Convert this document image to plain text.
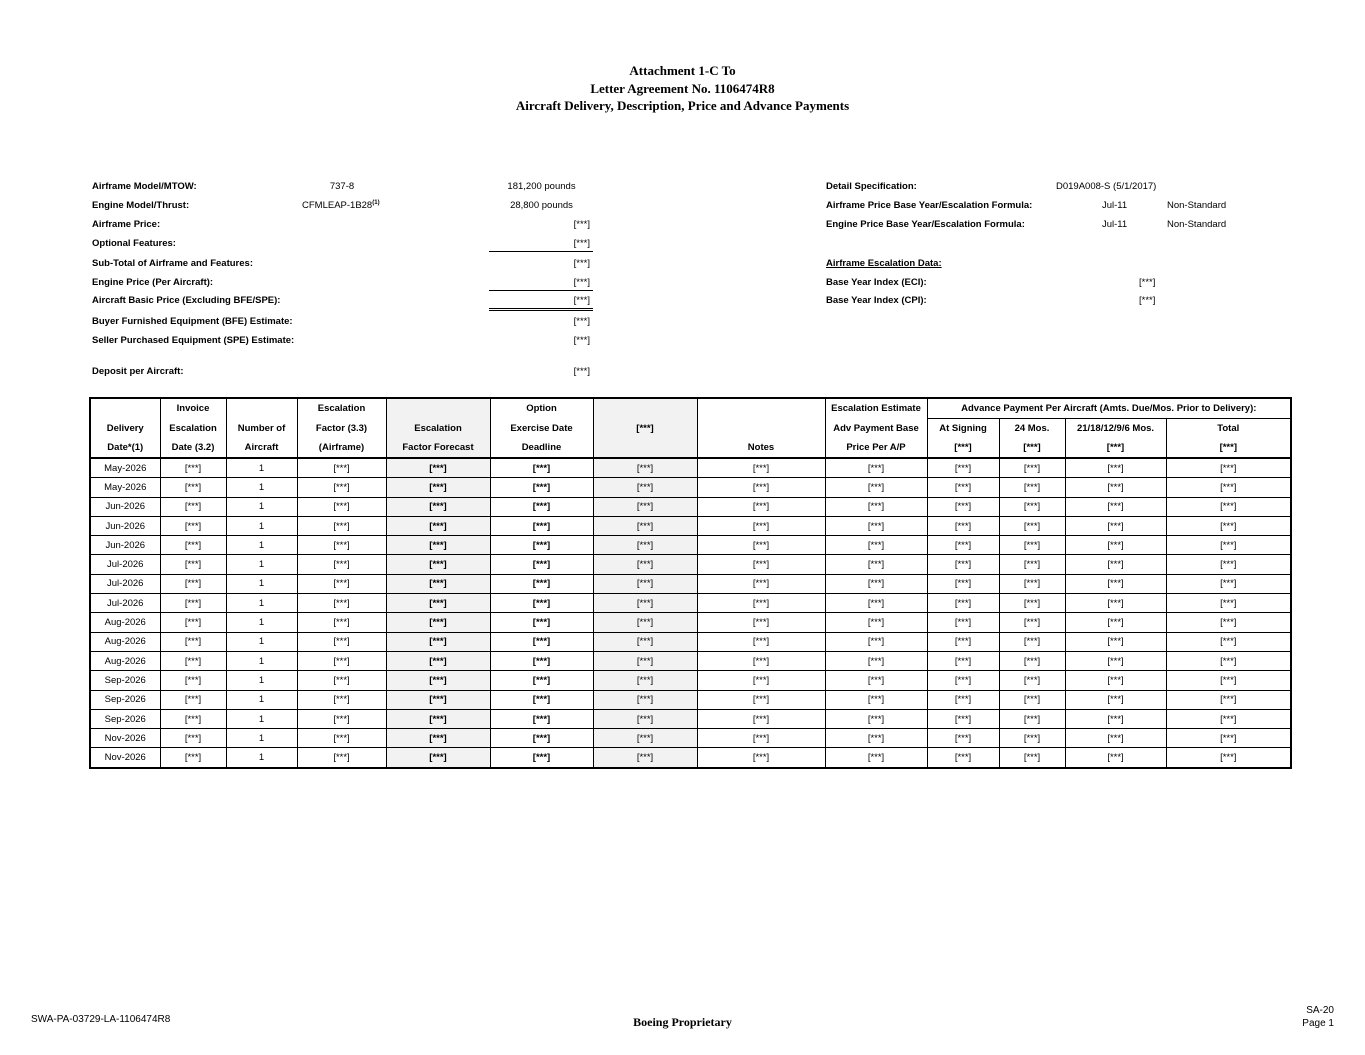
Attachment 1-C To
Letter Agreement No. 1106474R8
Aircraft Delivery, Description, Price and Advance Payments
Airframe Model/MTOW:	737-8	181,200 pounds
Engine Model/Thrust:	CFMLEAP-1B28$^{(1)}$	28,800 pounds
Airframe Price:	[***]
Optional Features:	[***]
Sub-Total of Airframe and Features:	[***]
Engine Price (Per Aircraft):	[***]
Aircraft Basic Price (Excluding BFE/SPE):	[***]
Buyer Furnished Equipment (BFE) Estimate:	[***]
Seller Purchased Equipment (SPE) Estimate:	[***]
Deposit per Aircraft:	[***]
Detail Specification:	D019A008-S (5/1/2017)
Airframe Price Base Year/Escalation Formula:	Jul-11	Non-Standard
Engine Price Base Year/Escalation Formula:	Jul-11	Non-Standard
Airframe Escalation Data:
Base Year Index (ECI):	[***]
Base Year Index (CPI):	[***]
	Invoice		Escalation		Option			Escalation Estimate	Advance Payment Per Aircraft (Amts. Due/Mos. Prior to Delivery):			
Delivery	Escalation	Number of	Factor (3.3)	Escalation	Exercise Date	[***]		Adv Payment Base	At Signing	24 Mos.	21/18/12/9/6 Mos.	Total
Date*(1)	Date (3.2)	Aircraft	(Airframe)	Factor Forecast	Deadline		Notes	Price Per A/P	[***]	[***]	[***]	[***]
May-2026	[***]	1	[***]	[***]	[***]	[***]	[***]	[***]	[***]	[***]	[***]	[***]
May-2026	[***]	1	[***]	[***]	[***]	[***]	[***]	[***]	[***]	[***]	[***]	[***]
Jun-2026	[***]	1	[***]	[***]	[***]	[***]	[***]	[***]	[***]	[***]	[***]	[***]
Jun-2026	[***]	1	[***]	[***]	[***]	[***]	[***]	[***]	[***]	[***]	[***]	[***]
Jun-2026	[***]	1	[***]	[***]	[***]	[***]	[***]	[***]	[***]	[***]	[***]	[***]
Jul-2026	[***]	1	[***]	[***]	[***]	[***]	[***]	[***]	[***]	[***]	[***]	[***]
Jul-2026	[***]	1	[***]	[***]	[***]	[***]	[***]	[***]	[***]	[***]	[***]	[***]
Jul-2026	[***]	1	[***]	[***]	[***]	[***]	[***]	[***]	[***]	[***]	[***]	[***]
Aug-2026	[***]	1	[***]	[***]	[***]	[***]	[***]	[***]	[***]	[***]	[***]	[***]
Aug-2026	[***]	1	[***]	[***]	[***]	[***]	[***]	[***]	[***]	[***]	[***]	[***]
Aug-2026	[***]	1	[***]	[***]	[***]	[***]	[***]	[***]	[***]	[***]	[***]	[***]
Sep-2026	[***]	1	[***]	[***]	[***]	[***]	[***]	[***]	[***]	[***]	[***]	[***]
Sep-2026	[***]	1	[***]	[***]	[***]	[***]	[***]	[***]	[***]	[***]	[***]	[***]
Sep-2026	[***]	1	[***]	[***]	[***]	[***]	[***]	[***]	[***]	[***]	[***]	[***]
Nov-2026	[***]	1	[***]	[***]	[***]	[***]	[***]	[***]	[***]	[***]	[***]	[***]
Nov-2026	[***]	1	[***]	[***]	[***]	[***]	[***]	[***]	[***]	[***]	[***]	[***]
SWA-PA-03729-LA-1106474R8	Boeing Proprietary
SA-20
Page 1
